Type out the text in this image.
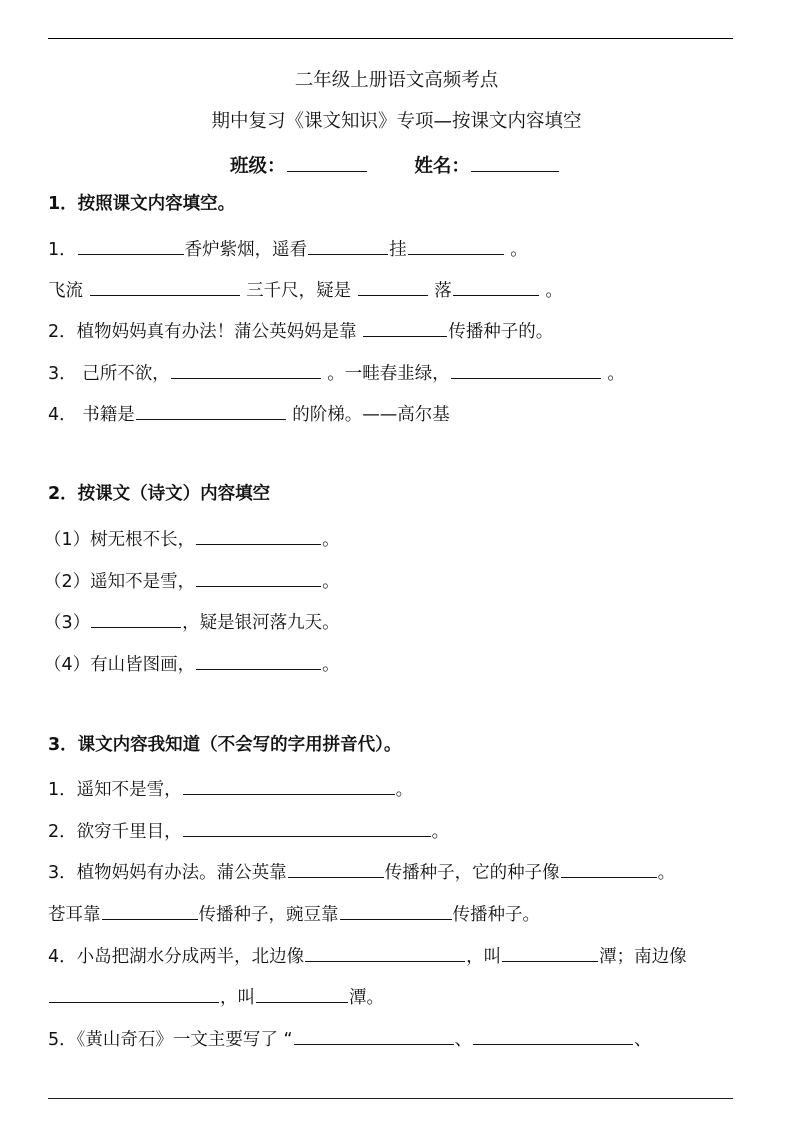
二年级上册语文高频考点
期中复习《课文知识》专项—按课文内容填空
班级：	姓名：
1．按照课文内容填空。
1．	香炉紫烟，遥看	挂	。
飞流	三千尺，疑是	落	。
2．植物妈妈真有办法！蒲公英妈妈是靠	传播种子的。
3． 己所不欲，	。一畦春韭绿，	。
4． 书籍是	的阶梯。——高尔基
2．按课文（诗文）内容填空
（1）树无根不长，	。
（2）遥知不是雪，	。
（3）	，疑是银河落九天。
（4）有山皆图画，	。
3．课文内容我知道（不会写的字用拼音代）。
1．遥知不是雪，	。
2．欲穷千里目，	。
3．植物妈妈有办法。蒲公英靠	传播种子，它的种子像	。
苍耳靠	传播种子，豌豆靠	传播种子。
4．小岛把湖水分成两半，北边像	，叫	潭；南边像
，叫	潭。
5．《黄山奇石》一文主要写了 “	、	、
